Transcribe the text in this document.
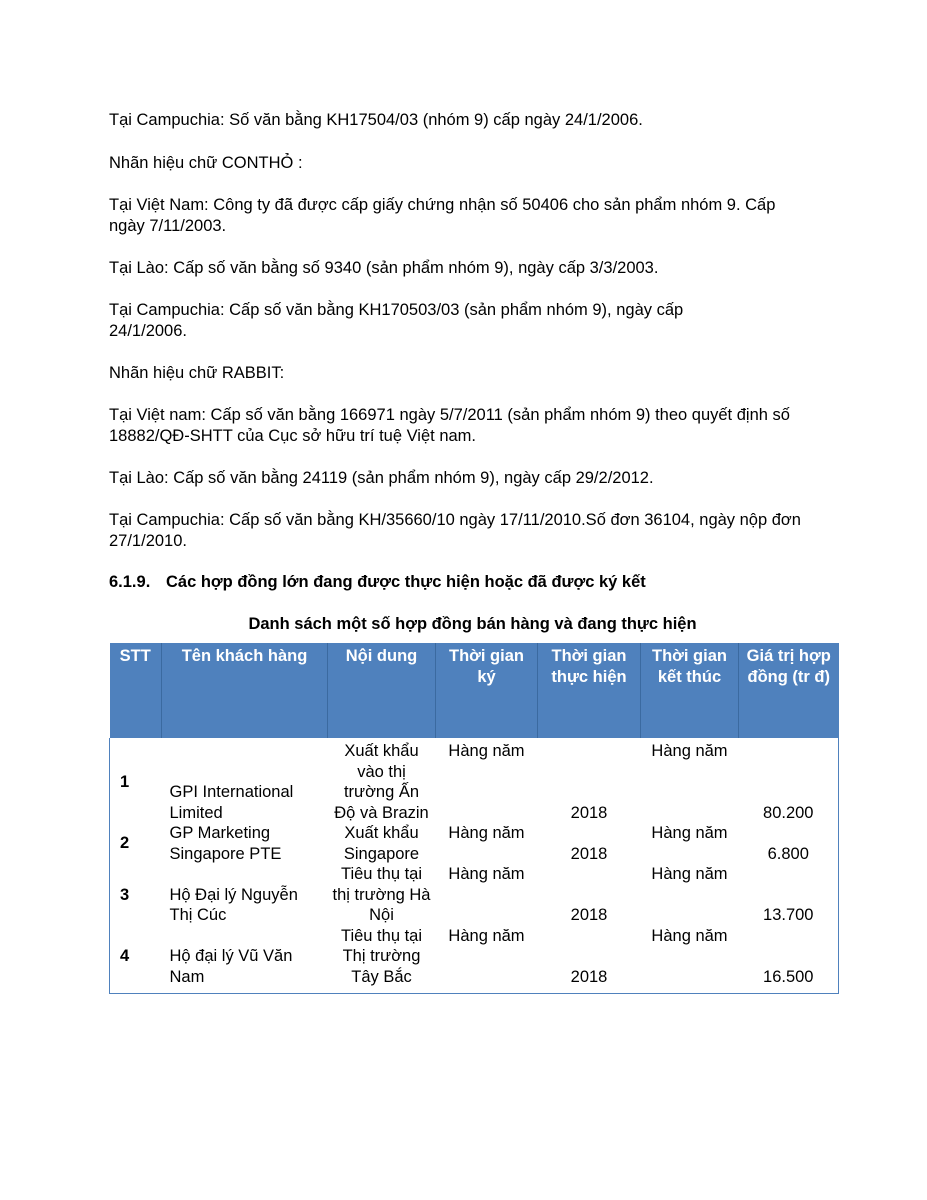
Tại Campuchia: Số văn bằng KH17504/03 (nhóm 9) cấp ngày 24/1/2006.

Nhãn hiệu chữ CONTHỎ :

Tại Việt Nam: Công ty đã được cấp giấy chứng nhận số 50406 cho sản phẩm nhóm 9. Cấp ngày 7/11/2003.

Tại Lào: Cấp số văn bằng số 9340 (sản phẩm nhóm 9), ngày cấp 3/3/2003.

Tại Campuchia: Cấp số văn bằng KH170503/03 (sản phẩm nhóm 9), ngày cấp 24/1/2006.

Nhãn hiệu chữ RABBIT:

Tại Việt nam: Cấp số văn bằng 166971 ngày 5/7/2011 (sản phẩm nhóm 9) theo quyết định số 18882/QĐ-SHTT của Cục sở hữu trí tuệ Việt nam.

Tại Lào: Cấp số văn bằng 24119 (sản phẩm nhóm 9), ngày cấp 29/2/2012.

Tại Campuchia: Cấp số văn bằng KH/35660/10 ngày 17/11/2010.Số đơn 36104, ngày nộp đơn 27/1/2010.

6.1.9. Các hợp đồng lớn đang được thực hiện hoặc đã được ký kết

Danh sách một số hợp đồng bán hàng và đang thực hiện

STT	Tên khách hàng	Nội dung	Thời gian ký	Thời gian thực hiện	Thời gian kết thúc	Giá trị hợp đồng (tr đ)
1	GPI International Limited	Xuất khẩu vào thị trường Ấn Độ và Brazin	Hàng năm	2018	Hàng năm	80.200
2	GP Marketing Singapore PTE	Xuất khẩu Singapore	Hàng năm	2018	Hàng năm	6.800
3	Hộ Đại lý Nguyễn Thị Cúc	Tiêu thụ tại thị trường Hà Nội	Hàng năm	2018	Hàng năm	13.700
4	Hộ đại lý Vũ Văn Nam	Tiêu thụ tại Thị trường Tây Bắc	Hàng năm	2018	Hàng năm	16.500
